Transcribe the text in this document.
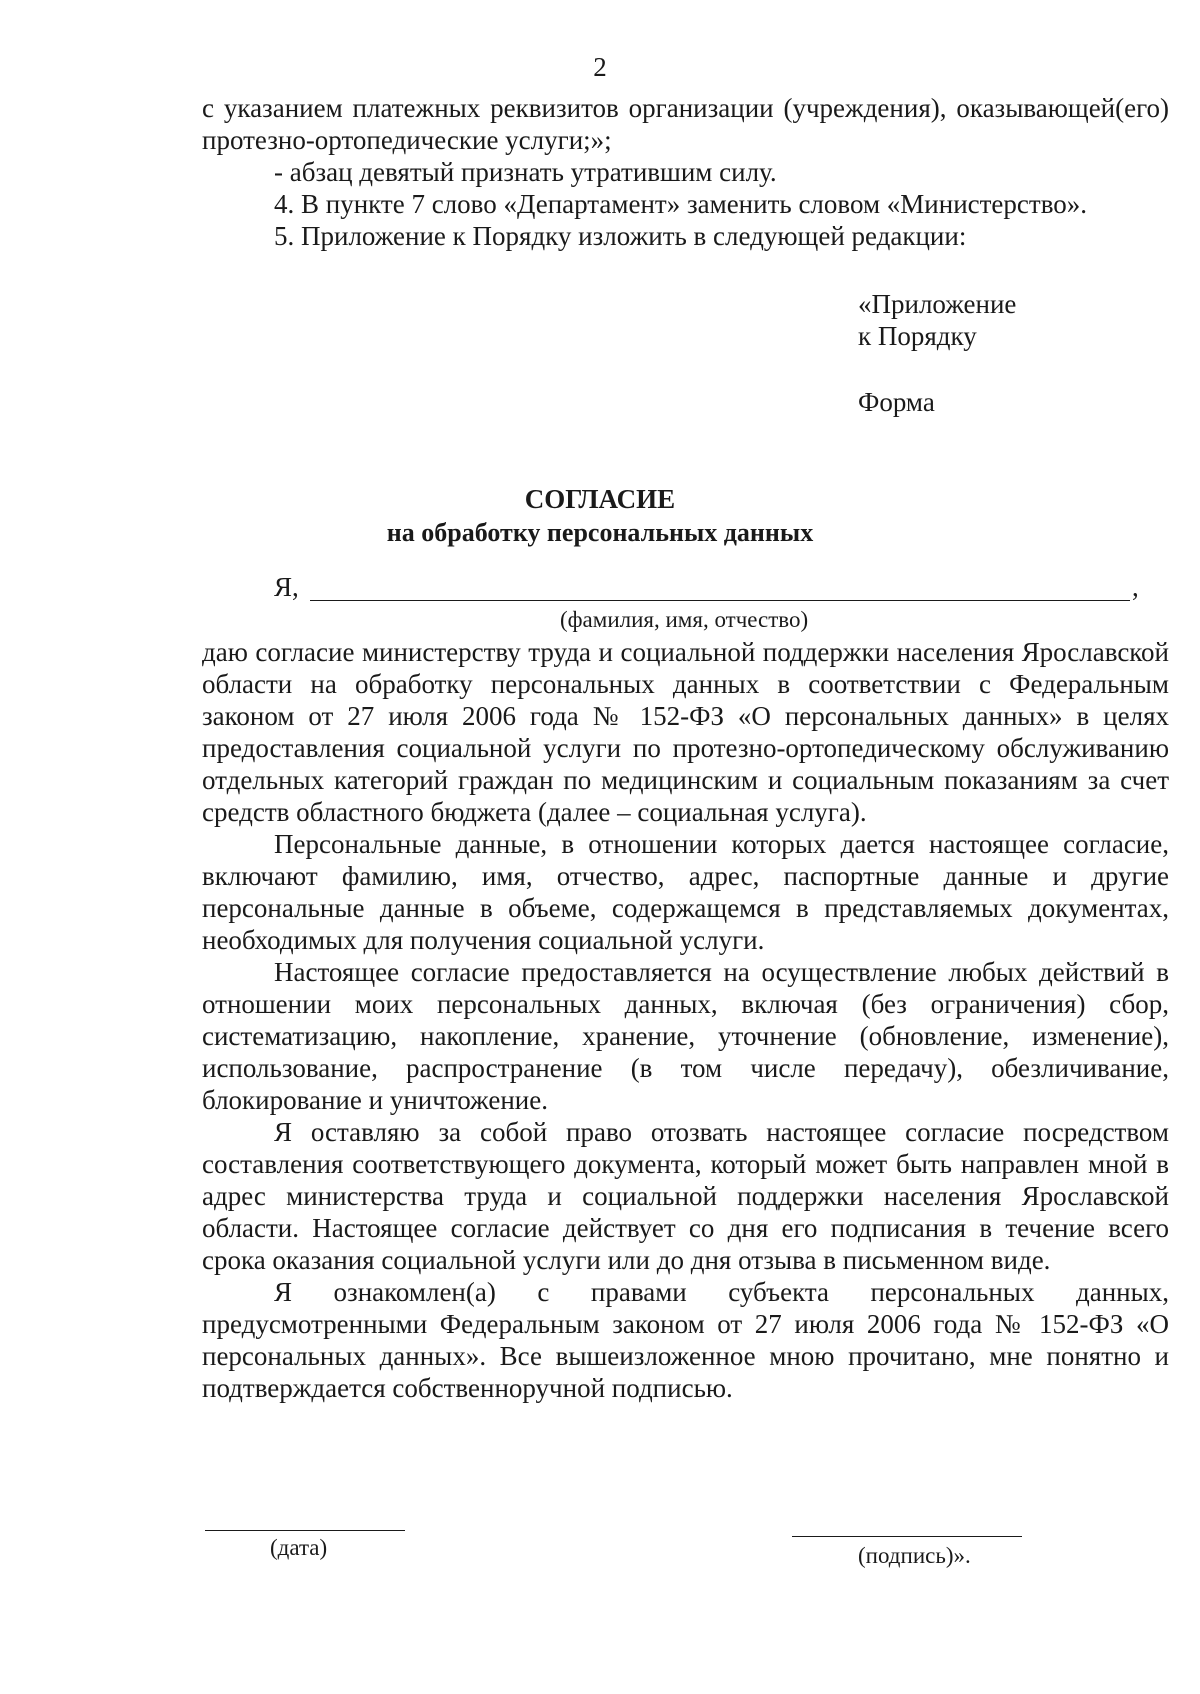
2

с указанием платежных реквизитов организации (учреждения), оказывающей(его) протезно-ортопедические услуги;»;

- абзац девятый признать утратившим силу.

4. В пункте 7 слово «Департамент» заменить словом «Министерство».

5. Приложение к Порядку изложить в следующей редакции:

«Приложение
к Порядку
Форма
СОГЛАСИЕ
на обработку персональных данных
Я,	,
(фамилия, имя, отчество)

даю согласие министерству труда и социальной поддержки населения Ярославской области на обработку персональных данных в соответствии с Федеральным законом от 27 июля 2006 года № 152-ФЗ «О персональных данных» в целях предоставления социальной услуги по протезно-ортопедическому обслуживанию отдельных категорий граждан по медицинским и социальным показаниям за счет средств областного бюджета (далее – социальная услуга).

Персональные данные, в отношении которых дается настоящее согласие, включают фамилию, имя, отчество, адрес, паспортные данные и другие персональные данные в объеме, содержащемся в представляемых документах, необходимых для получения социальной услуги.

Настоящее согласие предоставляется на осуществление любых действий в отношении моих персональных данных, включая (без ограничения) сбор, систематизацию, накопление, хранение, уточнение (обновление, изменение), использование, распространение (в том числе передачу), обезличивание, блокирование и уничтожение.

Я оставляю за собой право отозвать настоящее согласие посредством составления соответствующего документа, который может быть направлен мной в адрес министерства труда и социальной поддержки населения Ярославской области. Настоящее согласие действует со дня его подписания в течение всего срока оказания социальной услуги или до дня отзыва в письменном виде.

Я ознакомлен(а) с правами субъекта персональных данных, предусмотренными Федеральным законом от 27 июля 2006 года № 152-ФЗ «О персональных данных». Все вышеизложенное мною прочитано, мне понятно и подтверждается собственноручной подписью.

(дата)	(подпись)».
